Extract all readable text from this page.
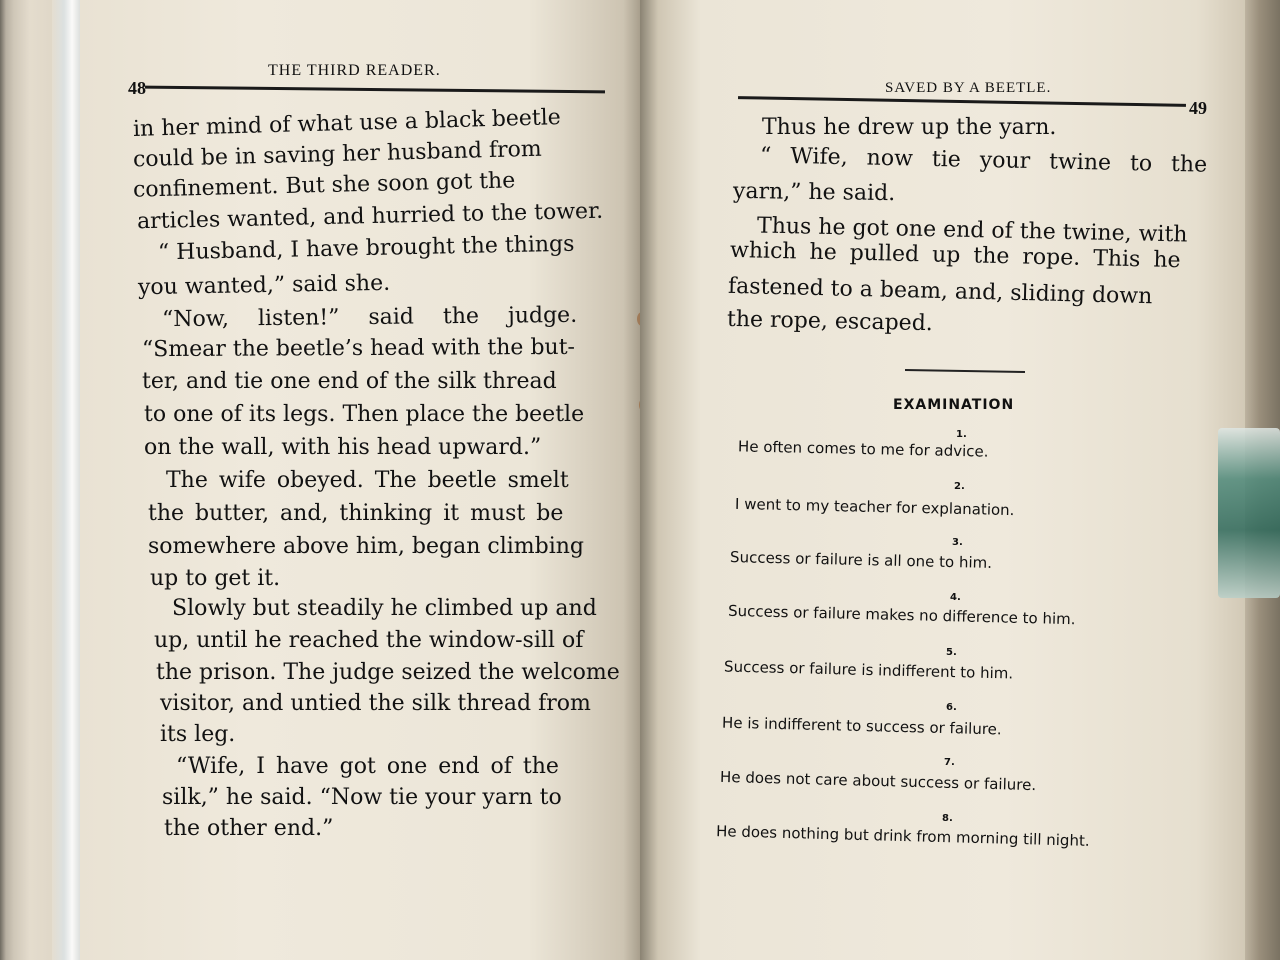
48
THE THIRD READER.
in her mind of what use a black beetle
could be in saving her husband from
confinement. But she soon got the
articles wanted, and hurried to the tower.
“ Husband, I have brought the things
you wanted,” said she.
“Now, listen!” said the judge.
“Smear the beetle’s head with the but-
ter, and tie one end of the silk thread
to one of its legs. Then place the beetle
on the wall, with his head upward.”
The wife obeyed. The beetle smelt
the butter, and, thinking it must be
somewhere above him, began climbing
up to get it.
Slowly but steadily he climbed up and
up, until he reached the window-sill of
the prison. The judge seized the welcome
visitor, and untied the silk thread from
its leg.
“Wife, I have got one end of the
silk,” he said. “Now tie your yarn to
the other end.”
SAVED BY A BEETLE.
49
Thus he drew up the yarn.
“ Wife, now tie your twine to the
yarn,” he said.
Thus he got one end of the twine, with
which he pulled up the rope. This he
fastened to a beam, and, sliding down
the rope, escaped.
EXAMINATION
1.
He often comes to me for advice.
2.
I went to my teacher for explanation.
3.
Success or failure is all one to him.
4.
Success or failure makes no difference to him.
5.
Success or failure is indifferent to him.
6.
He is indifferent to success or failure.
7.
He does not care about success or failure.
8.
He does nothing but drink from morning till night.
